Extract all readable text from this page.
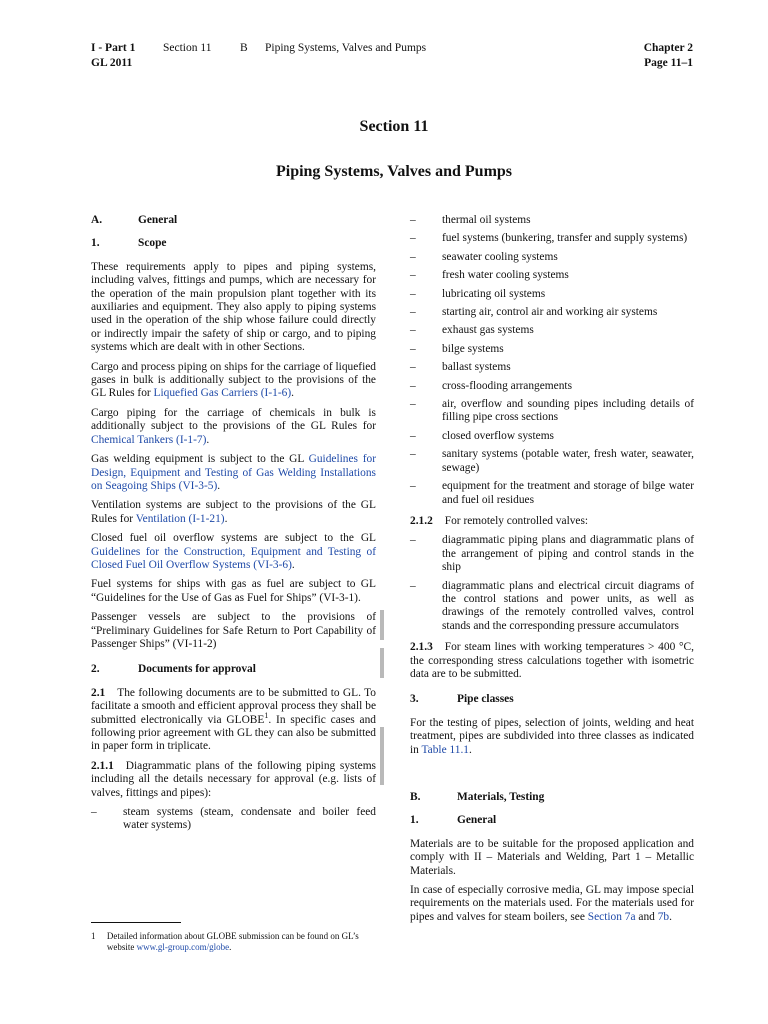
I - Part 1 Section 11 B Piping Systems, Valves and Pumps
GL 2011
Chapter 2
Page 11–1
Section 11
Piping Systems, Valves and Pumps
A.	General
1.	Scope

These requirements apply to pipes and piping systems, including valves, fittings and pumps, which are necessary for the operation of the main propulsion plant together with its auxiliaries and equipment. They also apply to piping systems used in the operation of the ship whose failure could directly or indirectly impair the safety of ship or cargo, and to piping systems which are dealt with in other Sections.

Cargo and process piping on ships for the carriage of liquefied gases in bulk is additionally subject to the provisions of the GL Rules for Liquefied Gas Carriers (I-1-6).

Cargo piping for the carriage of chemicals in bulk is additionally subject to the provisions of the GL Rules for Chemical Tankers (I-1-7).

Gas welding equipment is subject to the GL Guidelines for Design, Equipment and Testing of Gas Welding Installations on Seagoing Ships (VI-3-5).

Ventilation systems are subject to the provisions of the GL Rules for Ventilation (I-1-21).

Closed fuel oil overflow systems are subject to the GL Guidelines for the Construction, Equipment and Testing of Closed Fuel Oil Overflow Systems (VI-3-6).

Fuel systems for ships with gas as fuel are subject to GL “Guidelines for the Use of Gas as Fuel for Ships” (VI-3-1).

Passenger vessels are subject to the provisions of “Preliminary Guidelines for Safe Return to Port Capability of Passenger Ships” (VI-11-2)

2.	Documents for approval

2.1 The following documents are to be submitted to GL. To facilitate a smooth and efficient approval process they shall be submitted electronically via GLOBE$^1$. In specific cases and following prior agreement with GL they can also be submitted in paper form in triplicate.

2.1.1 Diagrammatic plans of the following piping systems including all the details necessary for approval (e.g. lists of valves, fittings and pipes):

–	steam systems (steam, condensate and boiler feed water systems)
–	thermal oil systems
–	fuel systems (bunkering, transfer and supply systems)
–	seawater cooling systems
–	fresh water cooling systems
–	lubricating oil systems
–	starting air, control air and working air systems
–	exhaust gas systems
–	bilge systems
–	ballast systems
–	cross-flooding arrangements
–	air, overflow and sounding pipes including details of filling pipe cross sections
–	closed overflow systems
–	sanitary systems (potable water, fresh water, seawater, sewage)
–	equipment for the treatment and storage of bilge water and fuel oil residues

2.1.2 For remotely controlled valves:

–	diagrammatic piping plans and diagrammatic plans of the arrangement of piping and control stands in the ship
–	diagrammatic plans and electrical circuit diagrams of the control stations and power units, as well as drawings of the remotely controlled valves, control stands and the corresponding pressure accumulators

2.1.3 For steam lines with working temperatures > 400 °C, the corresponding stress calculations together with isometric data are to be submitted.

3.	Pipe classes

For the testing of pipes, selection of joints, welding and heat treatment, pipes are subdivided into three classes as indicated in Table 11.1.

B.	Materials, Testing
1.	General

Materials are to be suitable for the proposed application and comply with II – Materials and Welding, Part 1 – Metallic Materials.

In case of especially corrosive media, GL may impose special requirements on the materials used. For the materials used for pipes and valves for steam boilers, see Section 7a and 7b.

1	Detailed information about GLOBE submission can be found on GL’s website www.gl-group.com/globe.
